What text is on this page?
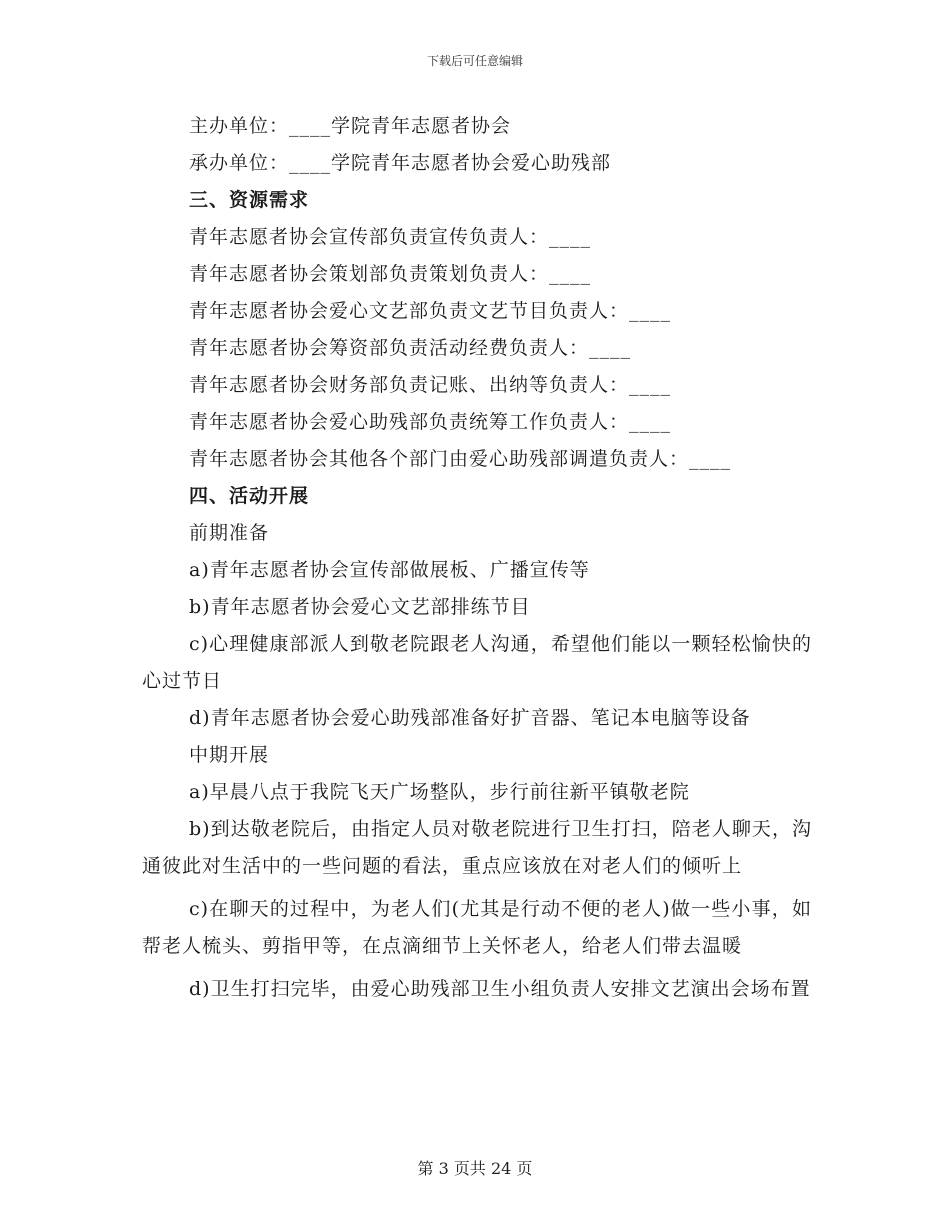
下载后可任意编辑
主办单位：____学院青年志愿者协会
承办单位：____学院青年志愿者协会爱心助残部
三、资源需求
青年志愿者协会宣传部负责宣传负责人：____
青年志愿者协会策划部负责策划负责人：____
青年志愿者协会爱心文艺部负责文艺节目负责人：____
青年志愿者协会筹资部负责活动经费负责人：____
青年志愿者协会财务部负责记账、出纳等负责人：____
青年志愿者协会爱心助残部负责统筹工作负责人：____
青年志愿者协会其他各个部门由爱心助残部调遣负责人：____
四、活动开展
前期准备
a)青年志愿者协会宣传部做展板、广播宣传等
b)青年志愿者协会爱心文艺部排练节目

c)心理健康部派人到敬老院跟老人沟通，希望他们能以一颗轻松愉快的心过节日

d)青年志愿者协会爱心助残部准备好扩音器、笔记本电脑等设备
中期开展
a)早晨八点于我院飞天广场整队，步行前往新平镇敬老院

b)到达敬老院后，由指定人员对敬老院进行卫生打扫，陪老人聊天，沟通彼此对生活中的一些问题的看法，重点应该放在对老人们的倾听上

c)在聊天的过程中，为老人们(尤其是行动不便的老人)做一些小事，如帮老人梳头、剪指甲等，在点滴细节上关怀老人，给老人们带去温暖

d)卫生打扫完毕，由爱心助残部卫生小组负责人安排文艺演出会场布置

第 3 页共 24 页
